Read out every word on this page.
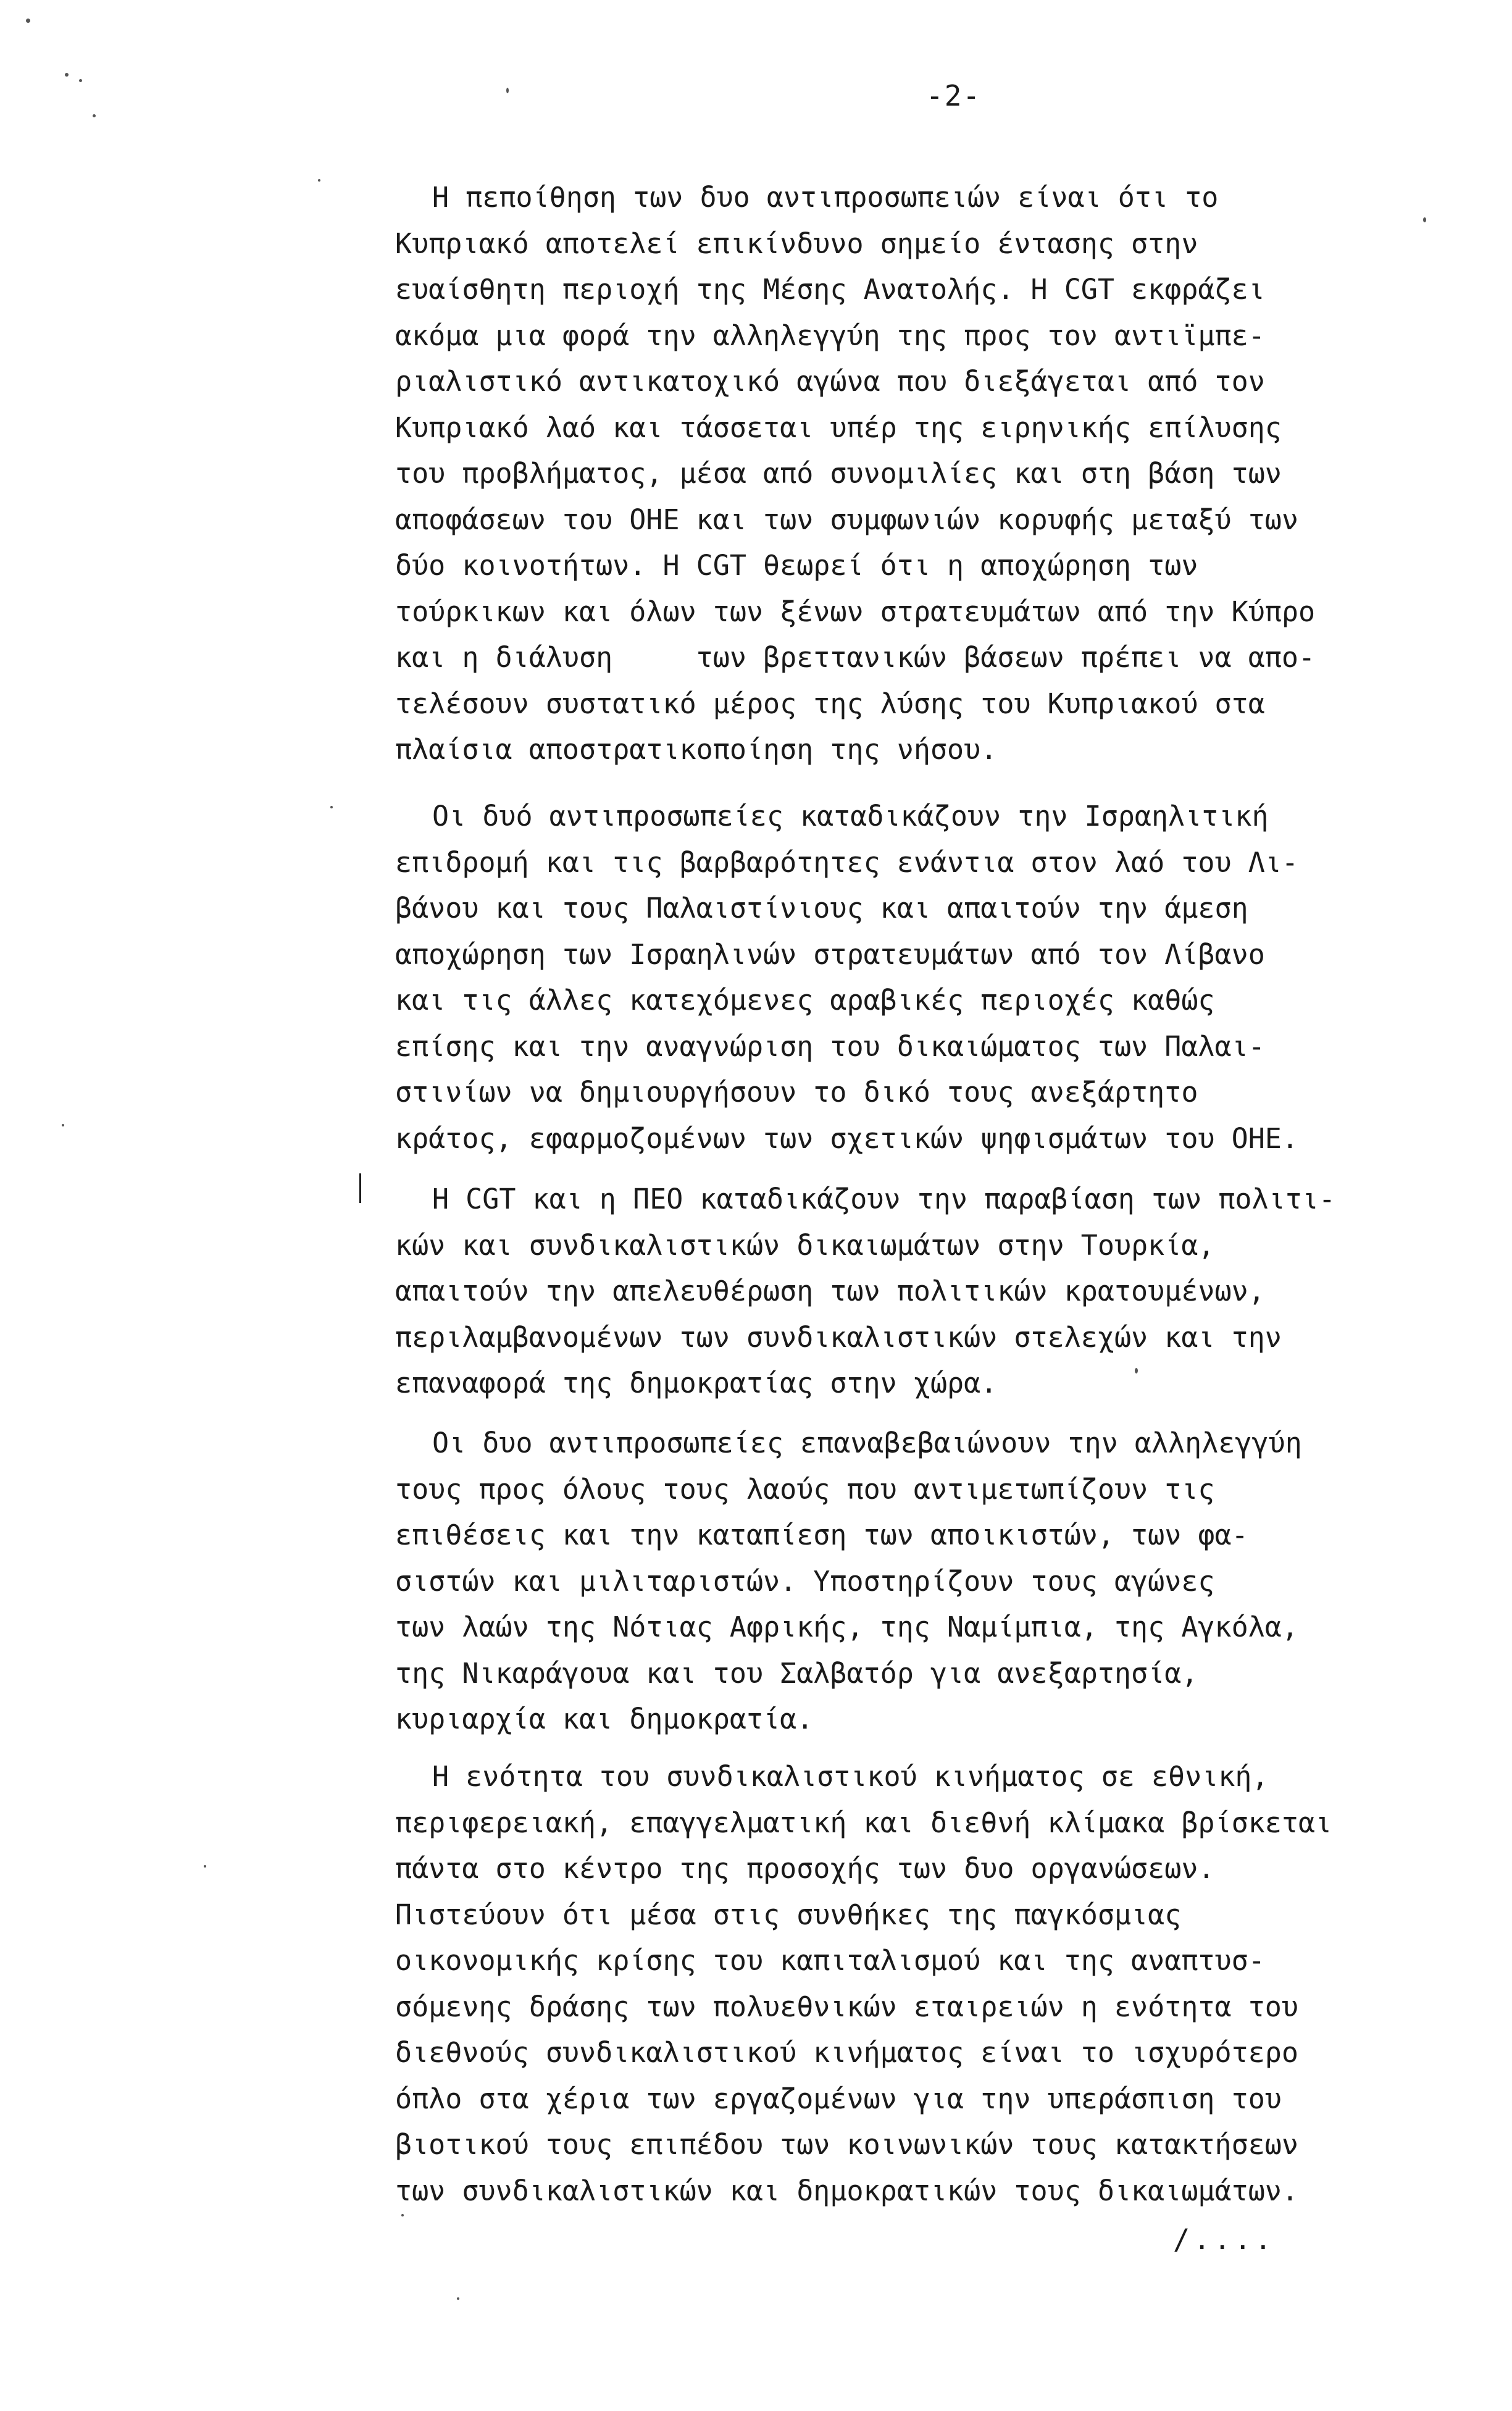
-2-
Η πεποίθηση των δυο αντιπροσωπειών είναι ότι το
Κυπριακό αποτελεί επικίνδυνο σημείο έντασης στην
ευαίσθητη περιοχή της Μέσης Ανατολής. Η CGT εκφράζει
ακόμα μια φορά την αλληλεγγύη της προς τον αντιϊμπε-
ριαλιστικό αντικατοχικό αγώνα που διεξάγεται από τον
Κυπριακό λαό και τάσσεται υπέρ της ειρηνικής επίλυσης
του προβλήματος, μέσα από συνομιλίες και στη βάση των
αποφάσεων του ΟΗΕ και των συμφωνιών κορυφής μεταξύ των
δύο κοινοτήτων. Η CGT θεωρεί ότι η αποχώρηση των
τούρκικων και όλων των ξένων στρατευμάτων από την Κύπρο
και η διάλυση     των βρεττανικών βάσεων πρέπει να απο-
τελέσουν συστατικό μέρος της λύσης του Κυπριακού στα
πλαίσια αποστρατικοποίηση της νήσου.
Οι δυό αντιπροσωπείες καταδικάζουν την Ισραηλιτική
επιδρομή και τις βαρβαρότητες ενάντια στον λαό του Λι-
βάνου και τους Παλαιστίνιους και απαιτούν την άμεση
αποχώρηση των Ισραηλινών στρατευμάτων από τον Λίβανο
και τις άλλες κατεχόμενες αραβικές περιοχές καθώς
επίσης και την αναγνώριση του δικαιώματος των Παλαι-
στινίων να δημιουργήσουν το δικό τους ανεξάρτητο
κράτος, εφαρμοζομένων των σχετικών ψηφισμάτων του ΟΗΕ.
Η CGT και η ΠΕΟ καταδικάζουν την παραβίαση των πολιτι-
κών και συνδικαλιστικών δικαιωμάτων στην Τουρκία,
απαιτούν την απελευθέρωση των πολιτικών κρατουμένων,
περιλαμβανομένων των συνδικαλιστικών στελεχών και την
επαναφορά της δημοκρατίας στην χώρα.
Οι δυο αντιπροσωπείες επαναβεβαιώνουν την αλληλεγγύη
τους προς όλους τους λαούς που αντιμετωπίζουν τις
επιθέσεις και την καταπίεση των αποικιστών, των φα-
σιστών και μιλιταριστών. Υποστηρίζουν τους αγώνες
των λαών της Νότιας Αφρικής, της Ναμίμπια, της Αγκόλα,
της Νικαράγουα και του Σαλβατόρ για ανεξαρτησία,
κυριαρχία και δημοκρατία.
Η ενότητα του συνδικαλιστικού κινήματος σε εθνική,
περιφερειακή, επαγγελματική και διεθνή κλίμακα βρίσκεται
πάντα στο κέντρο της προσοχής των δυο οργανώσεων.
Πιστεύουν ότι μέσα στις συνθήκες της παγκόσμιας
οικονομικής κρίσης του καπιταλισμού και της αναπτυσ-
σόμενης δράσης των πολυεθνικών εταιρειών η ενότητα του
διεθνούς συνδικαλιστικού κινήματος είναι το ισχυρότερο
όπλο στα χέρια των εργαζομένων για την υπεράσπιση του
βιοτικού τους επιπέδου των κοινωνικών τους κατακτήσεων
των συνδικαλιστικών και δημοκρατικών τους δικαιωμάτων.
/....
